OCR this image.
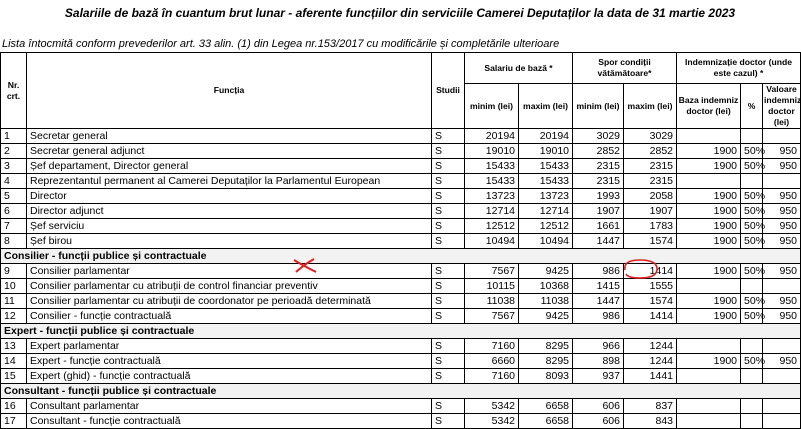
Salariile de bază în cuantum brut lunar - aferente funcțiilor din serviciile Camerei Deputaților la data de 31 martie 2023
Lista întocmită conform prevederilor art. 33 alin. (1) din Legea nr.153/2017 cu modificările și completările ulterioare
Nr. crt.	Funcția	Studii	Salariu de bază *		Spor condiții vătămătoare*		Indemnizație doctor (unde este cazul) *		
			minim (lei)	maxim (lei)	minim (lei)	maxim (lei)	Baza indemniz doctor (lei)	%	Valoare indemniz doctor (lei)
1	Secretar general	S	20194	20194	3029	3029			
2	Secretar general adjunct	S	19010	19010	2852	2852	1900	50%	950
3	Șef departament, Director general	S	15433	15433	2315	2315	1900	50%	950
4	Reprezentantul permanent al Camerei Deputaților la Parlamentul European	S	15433	15433	2315	2315			
5	Director	S	13723	13723	1993	2058	1900	50%	950
6	Director adjunct	S	12714	12714	1907	1907	1900	50%	950
7	Șef serviciu	S	12512	12512	1661	1783	1900	50%	950
8	Șef birou	S	10494	10494	1447	1574	1900	50%	950
Consilier - funcții publice și contractuale									
9	Consilier parlamentar	S	7567	9425	986	1414	1900	50%	950
10	Consilier parlamentar cu atribuții de control financiar preventiv	S	10115	10368	1415	1555			
11	Consilier parlamentar cu atribuții de coordonator pe perioadă determinată	S	11038	11038	1447	1574	1900	50%	950
12	Consilier - funcție contractuală	S	7567	9425	986	1414	1900	50%	950
Expert - funcții publice și contractuale									
13	Expert parlamentar	S	7160	8295	966	1244			
14	Expert - funcție contractuală	S	6660	8295	898	1244	1900	50%	950
15	Expert (ghid) - funcție contractuală	S	7160	8093	937	1441			
Consultant - funcții publice și contractuale									
16	Consultant parlamentar	S	5342	6658	606	837			
17	Consultant - funcție contractuală	S	5342	6658	606	843			
